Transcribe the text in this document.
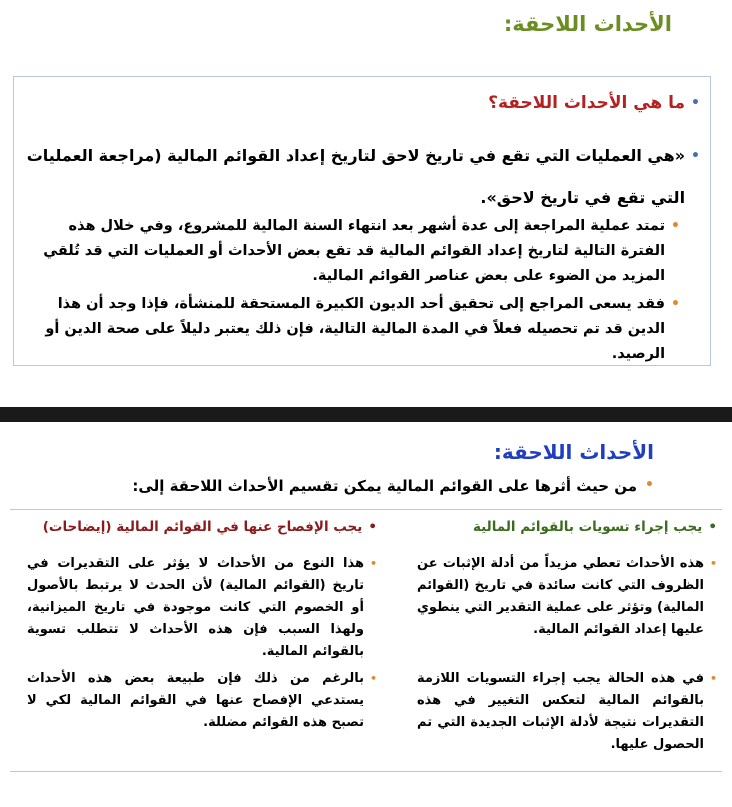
الأحداث اللاحقة:
•
ما هي الأحداث اللاحقة؟
•
«هي العمليات التي تقع في تاريخ لاحق لتاريخ إعداد القوائم المالية (مراجعة العمليات التي تقع في تاريخ لاحق».
•
تمتد عملية المراجعة إلى عدة أشهر بعد انتهاء السنة المالية للمشروع، وفي خلال هذه الفترة التالية لتاريخ إعداد القوائم المالية قد تقع بعض الأحداث أو العمليات التي قد تُلقي المزيد من الضوء على بعض عناصر القوائم المالية.
•
فقد يسعى المراجع إلى تحقيق أحد الديون الكبيرة المستحقة للمنشأة، فإذا وجد أن هذا الدين قد تم تحصيله فعلاً في المدة المالية التالية، فإن ذلك يعتبر دليلاً على صحة الدين أو الرصيد.
الأحداث اللاحقة:
•
من حيث أثرها على القوائم المالية يمكن تقسيم الأحداث اللاحقة إلى:
•
يجب إجراء تسويات بالقوائم المالية
•
يجب الإفصاح عنها في القوائم المالية (إيضاحات)
•
هذه الأحداث تعطي مزيداً من أدلة الإثبات عن الظروف التي كانت سائدة في تاريخ (القوائم المالية) وتؤثر على عملية التقدير التي ينطوي عليها إعداد القوائم المالية.
•
في هذه الحالة يجب إجراء التسويات اللازمة بالقوائم المالية لتعكس التغيير في هذه التقديرات نتيجة لأدلة الإثبات الجديدة التي تم الحصول عليها.
•
هذا النوع من الأحداث لا يؤثر على التقديرات في تاريخ (القوائم المالية) لأن الحدث لا يرتبط بالأصول أو الخصوم التي كانت موجودة في تاريخ الميزانية، ولهذا السبب فإن هذه الأحداث لا تتطلب تسوية بالقوائم المالية.
•
بالرغم من ذلك فإن طبيعة بعض هذه الأحداث يستدعي الإفصاح عنها في القوائم المالية لكي لا تصبح هذه القوائم مضللة.
